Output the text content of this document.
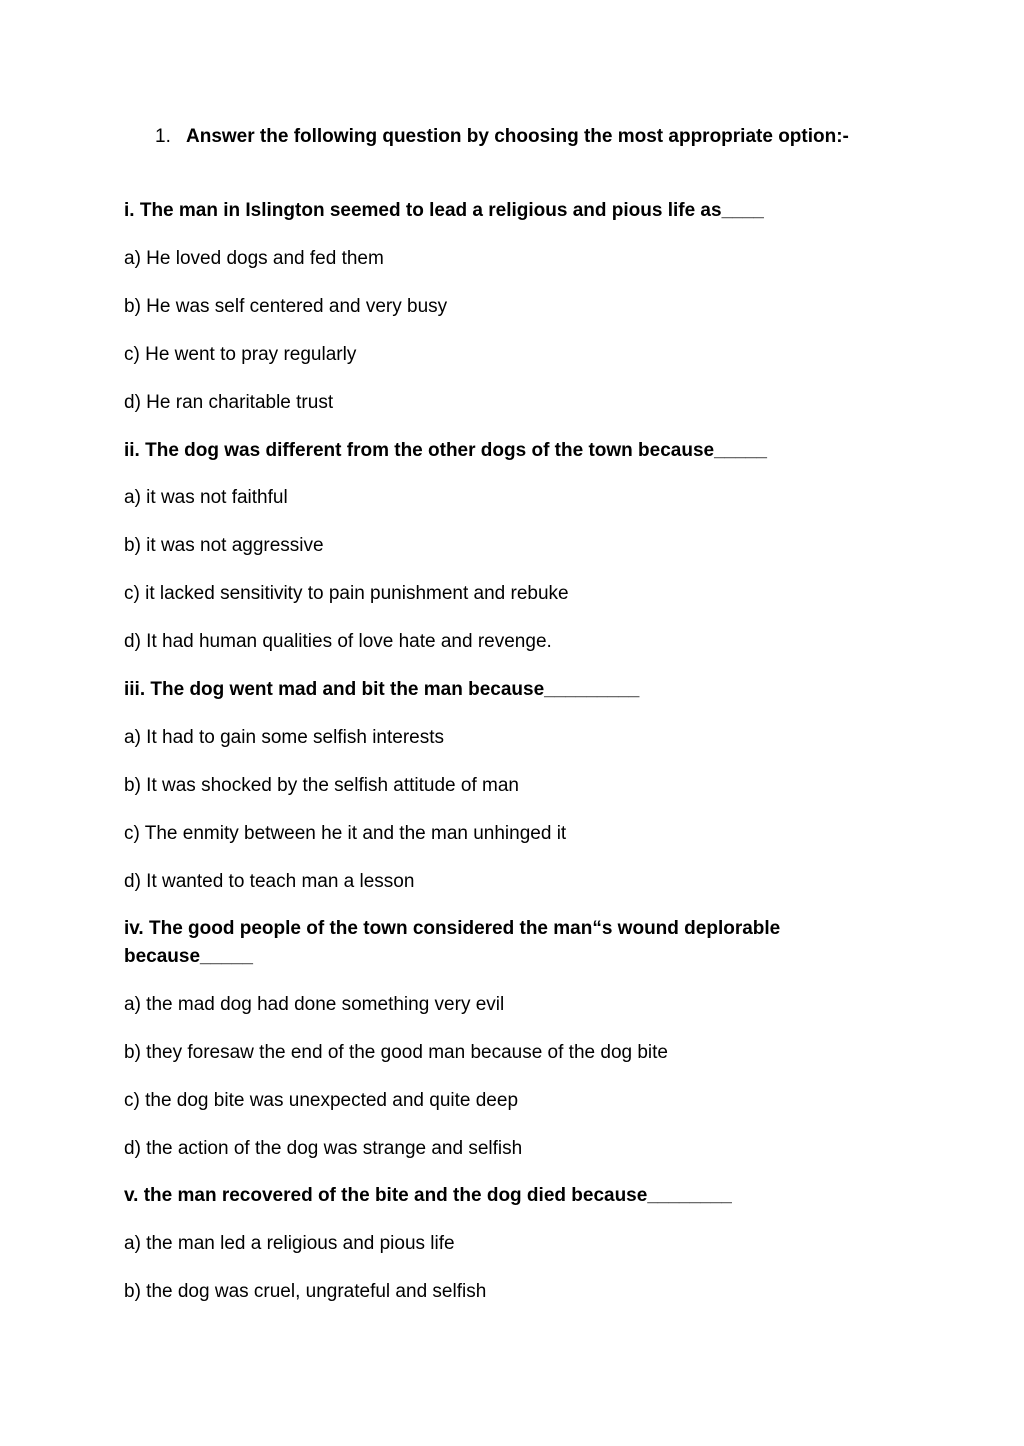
1. Answer the following question by choosing the most appropriate option:-
i. The man in Islington seemed to lead a religious and pious life as____
a) He loved dogs and fed them
b) He was self centered and very busy
c) He went to pray regularly
d) He ran charitable trust
ii. The dog was different from the other dogs of the town because_____
a) it was not faithful
b) it was not aggressive
c) it lacked sensitivity to pain punishment and rebuke
d) It had human qualities of love hate and revenge.
iii. The dog went mad and bit the man because_________
a) It had to gain some selfish interests
b) It was shocked by the selfish attitude of man
c) The enmity between he it and the man unhinged it
d) It wanted to teach man a lesson
iv. The good people of the town considered the man“s wound deplorable because_____
a) the mad dog had done something very evil
b) they foresaw the end of the good man because of the dog bite
c) the dog bite was unexpected and quite deep
d) the action of the dog was strange and selfish
v. the man recovered of the bite and the dog died because________
a) the man led a religious and pious life
b) the dog was cruel, ungrateful and selfish
